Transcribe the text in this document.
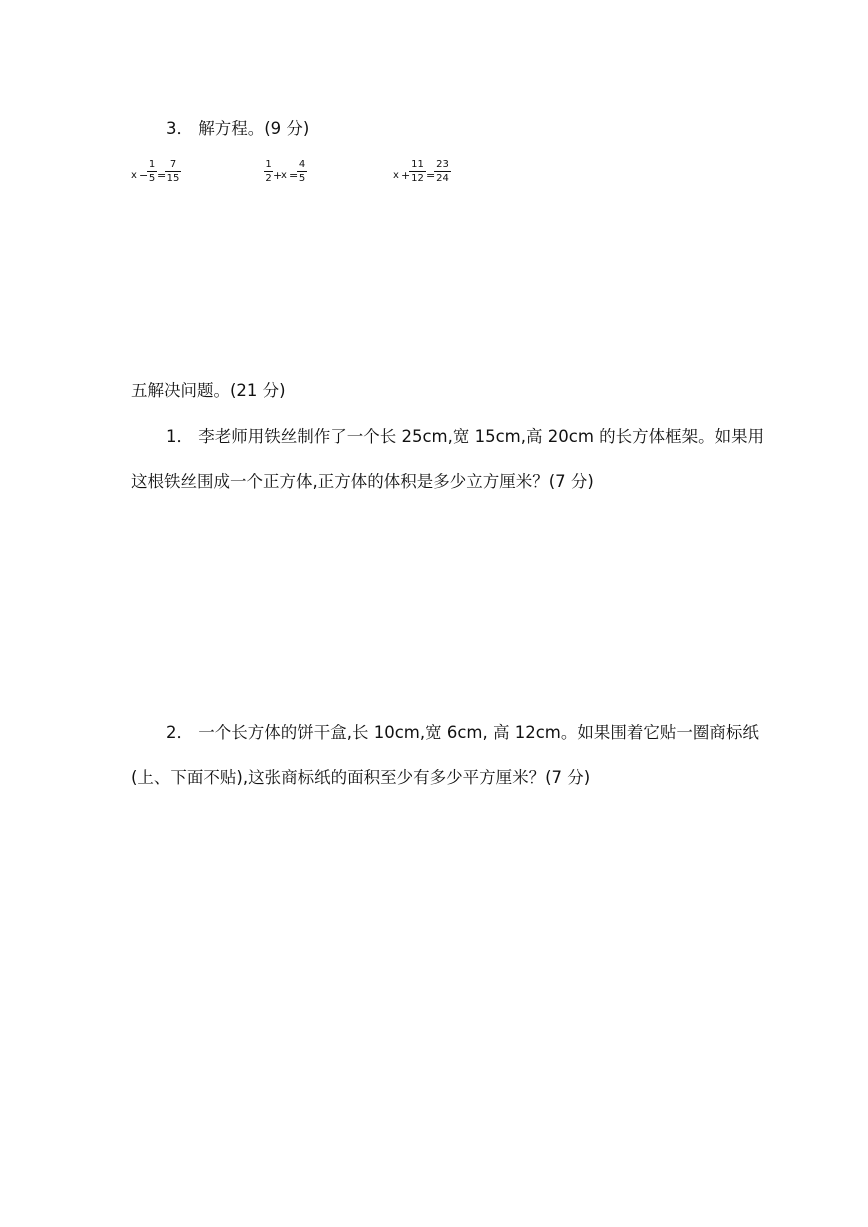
3． 解方程。(9 分)
x −
$\frac{1}{5}$ =
$\frac{7}{15}$	$\frac{1}{2}$ +
x =
$\frac{4}{5}$	x +
$\frac{11}{12}$ =
$\frac{23}{24}$
五解决问题。(21 分)
1． 李老师用铁丝制作了一个长 25cm,宽 15cm,高 20cm 的长方体框架。如果用
这根铁丝围成一个正方体,正方体的体积是多少立方厘米？(7 分)
2． 一个长方体的饼干盒,长 10cm,宽 6cm, 高 12cm。如果围着它贴一圈商标纸
(上、下面不贴),这张商标纸的面积至少有多少平方厘米？(7 分)
